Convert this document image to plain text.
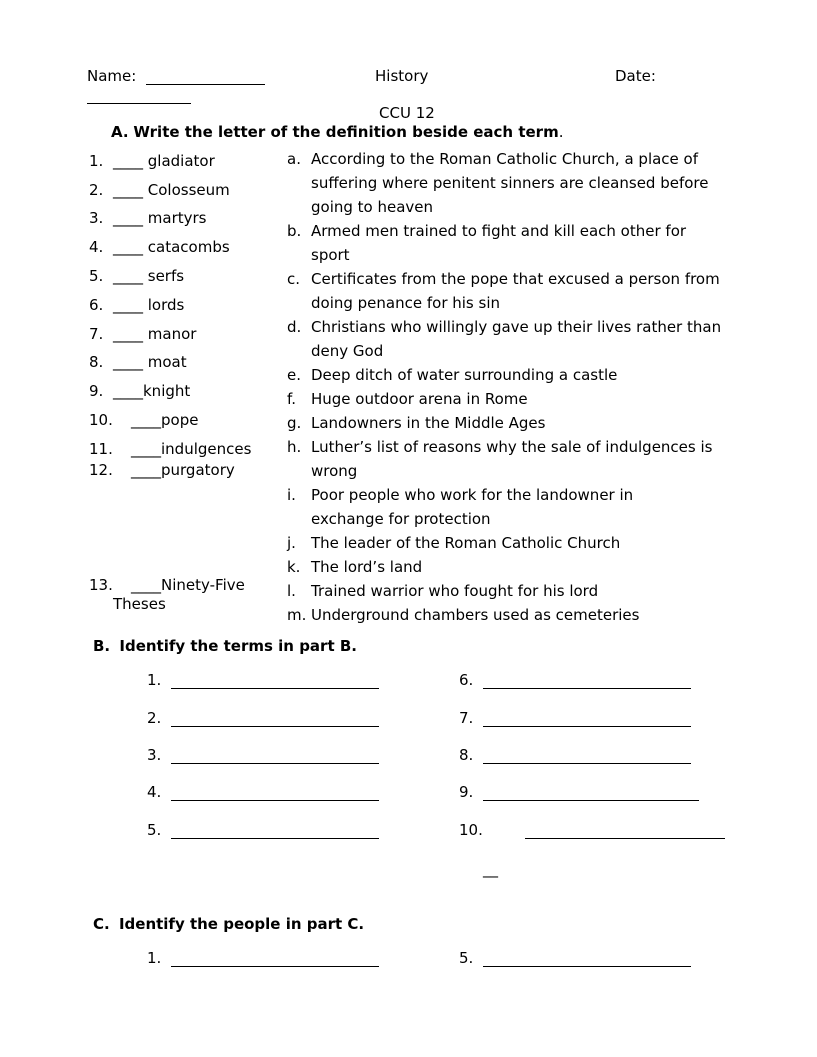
Name:	History	Date:
CCU 12
A. Write the letter of the definition beside each term.
1. ____ gladiator
2. ____ Colosseum
3. ____ martyrs
4. ____ catacombs
5. ____ serfs
6. ____ lords
7. ____ manor
8. ____ moat
9. ____knight
10.	____pope
11.	____indulgences
12.	____purgatory
13.	____Ninety-Five
Theses
a. According to the Roman Catholic Church, a place of suffering where penitent sinners are cleansed before going to heaven
b. Armed men trained to fight and kill each other for sport
c. Certificates from the pope that excused a person from doing penance for his sin
d. Christians who willingly gave up their lives rather than deny God
e. Deep ditch of water surrounding a castle
f.	Huge outdoor arena in Rome
g. Landowners in the Middle Ages
h. Luther’s list of reasons why the sale of indulgences is wrong
i.	Poor people who work for the landowner in exchange for protection
j.	The leader of the Roman Catholic Church
k. The lord’s land
l.	Trained warrior who fought for his lord
m. Underground chambers used as cemeteries
B. Identify the terms in part B.
1.
2.
3.
4.
5.
6.
7.
8.
9.
10.
__
C. Identify the people in part C.
1.	5.
